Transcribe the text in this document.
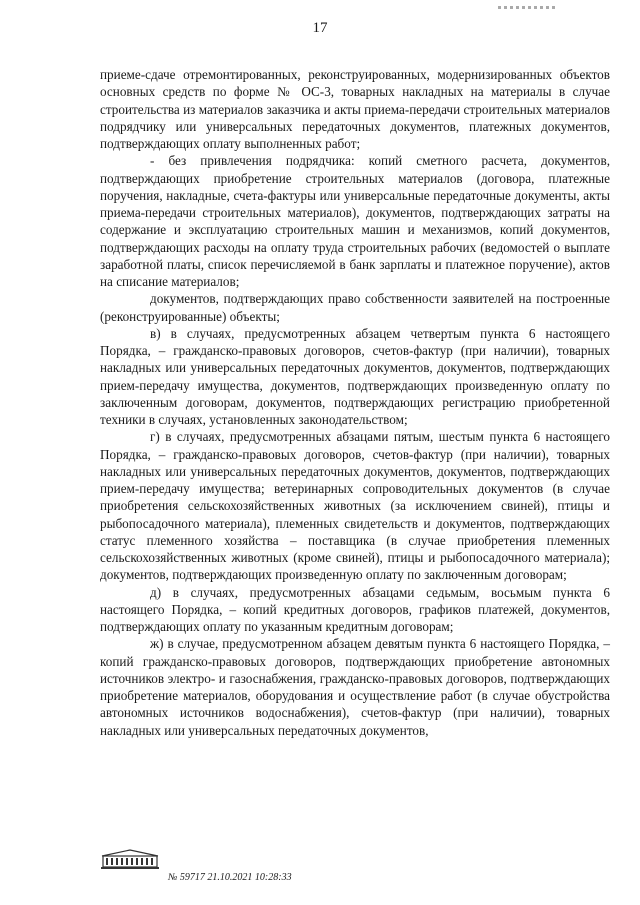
17

приеме-сдаче отремонтированных, реконструированных, модернизированных объектов основных средств по форме № ОС-3, товарных накладных на материалы в случае строительства из материалов заказчика и акты приема-передачи строительных материалов подрядчику или универсальных передаточных документов, платежных документов, подтверждающих оплату выполненных работ;

- без привлечения подрядчика: копий сметного расчета, документов, подтверждающих приобретение строительных материалов (договора, платежные поручения, накладные, счета-фактуры или универсальные передаточные документы, акты приема-передачи строительных материалов), документов, подтверждающих затраты на содержание и эксплуатацию строительных машин и механизмов, копий документов, подтверждающих расходы на оплату труда строительных рабочих (ведомостей о выплате заработной платы, список перечисляемой в банк зарплаты и платежное поручение), актов на списание материалов;

документов, подтверждающих право собственности заявителей на построенные (реконструированные) объекты;

в) в случаях, предусмотренных абзацем четвертым пункта 6 настоящего Порядка, – гражданско-правовых договоров, счетов-фактур (при наличии), товарных накладных или универсальных передаточных документов, документов, подтверждающих прием-передачу имущества, документов, подтверждающих произведенную оплату по заключенным договорам, документов, подтверждающих регистрацию приобретенной техники в случаях, установленных законодательством;

г) в случаях, предусмотренных абзацами пятым, шестым пункта 6 настоящего Порядка, – гражданско-правовых договоров, счетов-фактур (при наличии), товарных накладных или универсальных передаточных документов, документов, подтверждающих прием-передачу имущества; ветеринарных сопроводительных документов (в случае приобретения сельскохозяйственных животных (за исключением свиней), птицы и рыбопосадочного материала), племенных свидетельств и документов, подтверждающих статус племенного хозяйства – поставщика (в случае приобретения племенных сельскохозяйственных животных (кроме свиней), птицы и рыбопосадочного материала); документов, подтверждающих произведенную оплату по заключенным договорам;

д) в случаях, предусмотренных абзацами седьмым, восьмым пункта 6 настоящего Порядка, – копий кредитных договоров, графиков платежей, документов, подтверждающих оплату по указанным кредитным договорам;

ж) в случае, предусмотренном абзацем девятым пункта 6 настоящего Порядка, – копий гражданско-правовых договоров, подтверждающих приобретение автономных источников электро- и газоснабжения, гражданско-правовых договоров, подтверждающих приобретение материалов, оборудования и осуществление работ (в случае обустройства автономных источников водоснабжения), счетов-фактур (при наличии), товарных накладных или универсальных передаточных документов,

№ 59717 21.10.2021 10:28:33
